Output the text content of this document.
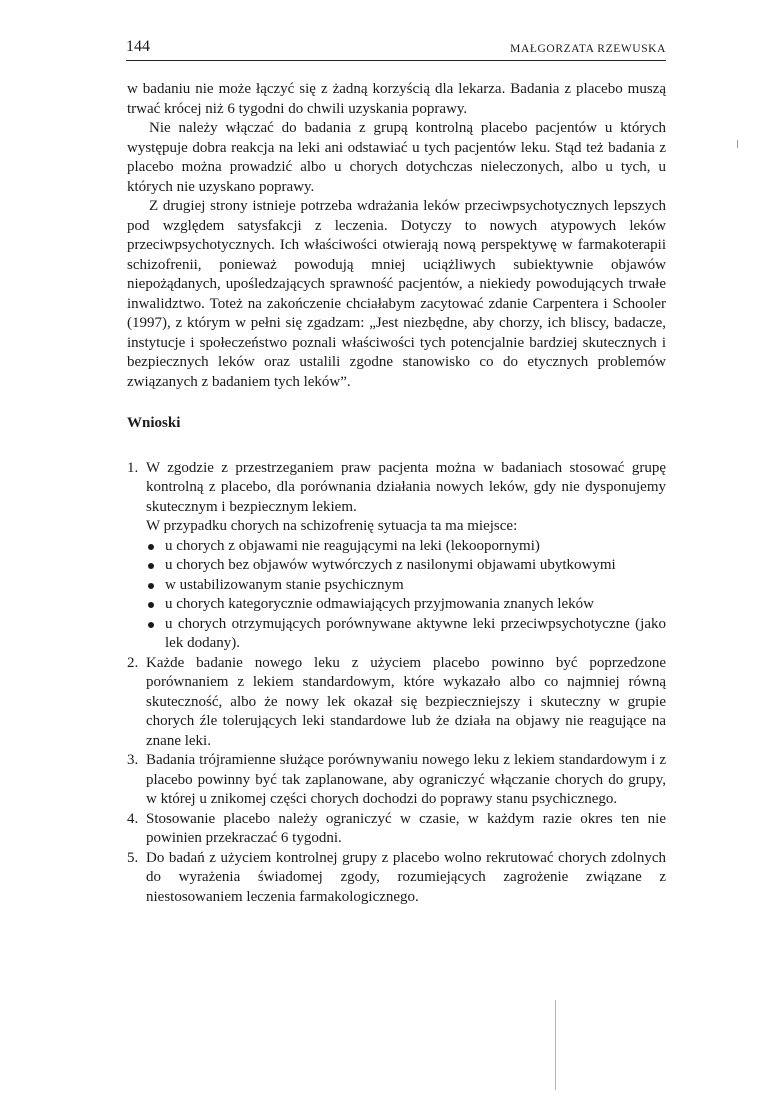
144	MAŁGORZATA RZEWUSKA

w badaniu nie może łączyć się z żadną korzyścią dla lekarza. Badania z placebo muszą trwać krócej niż 6 tygodni do chwili uzyskania poprawy.

Nie należy włączać do badania z grupą kontrolną placebo pacjentów u których występuje dobra reakcja na leki ani odstawiać u tych pacjentów leku. Stąd też badania z placebo można prowadzić albo u chorych dotychczas nieleczonych, albo u tych, u których nie uzyskano poprawy.

Z drugiej strony istnieje potrzeba wdrażania leków przeciwpsychotycznych lepszych pod względem satysfakcji z leczenia. Dotyczy to nowych atypowych leków przeciwpsychotycznych. Ich właściwości otwierają nową perspektywę w farmakoterapii schizofrenii, ponieważ powodują mniej uciążliwych subiektywnie objawów niepożądanych, upośledzających sprawność pacjentów, a niekiedy powodujących trwałe inwalidztwo. Toteż na zakończenie chciałabym zacytować zdanie Carpentera i Schooler (1997), z którym w pełni się zgadzam: „Jest niezbędne, aby chorzy, ich bliscy, badacze, instytucje i społeczeństwo poznali właściwości tych potencjalnie bardziej skutecznych i bezpiecznych leków oraz ustalili zgodne stanowisko co do etycznych problemów związanych z badaniem tych leków”.

Wnioski
1. W zgodzie z przestrzeganiem praw pacjenta można w badaniach stosować grupę kontrolną z placebo, dla porównania działania nowych leków, gdy nie dysponujemy skutecznym i bezpiecznym lekiem.
W przypadku chorych na schizofrenię sytuacja ta ma miejsce:
u chorych z objawami nie reagującymi na leki (lekoopornymi)
u chorych bez objawów wytwórczych z nasilonymi objawami ubytkowymi
w ustabilizowanym stanie psychicznym
u chorych kategorycznie odmawiających przyjmowania znanych leków
u chorych otrzymujących porównywane aktywne leki przeciwpsychotyczne (jako lek dodany).
2. Każde badanie nowego leku z użyciem placebo powinno być poprzedzone porównaniem z lekiem standardowym, które wykazało albo co najmniej równą skuteczność, albo że nowy lek okazał się bezpieczniejszy i skuteczny w grupie chorych źle tolerujących leki standardowe lub że działa na objawy nie reagujące na znane leki.
3. Badania trójramienne służące porównywaniu nowego leku z lekiem standardowym i z placebo powinny być tak zaplanowane, aby ograniczyć włączanie chorych do grupy, w której u znikomej części chorych dochodzi do poprawy stanu psychicznego.
4. Stosowanie placebo należy ograniczyć w czasie, w każdym razie okres ten nie powinien przekraczać 6 tygodni.
5. Do badań z użyciem kontrolnej grupy z placebo wolno rekrutować chorych zdolnych do wyrażenia świadomej zgody, rozumiejących zagrożenie związane z niestosowaniem leczenia farmakologicznego.
